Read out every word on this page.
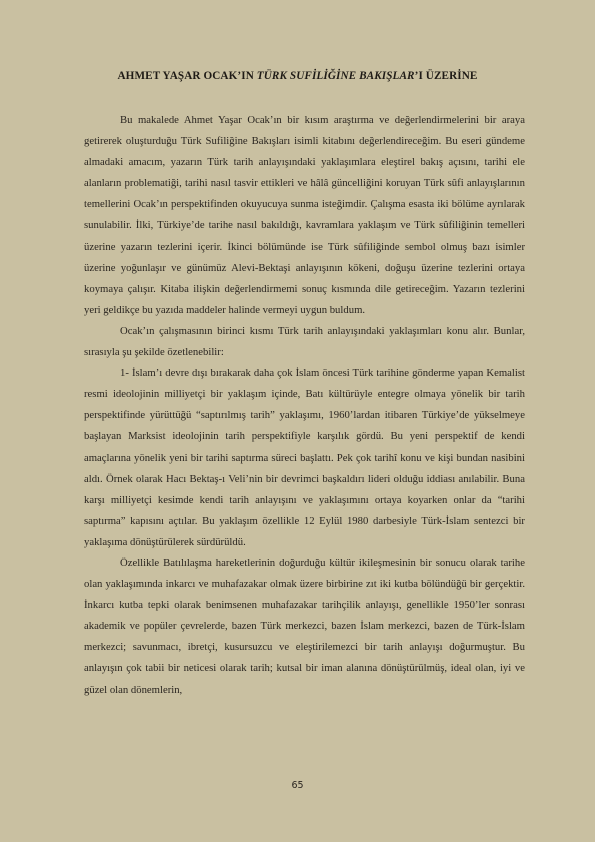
AHMET YAŞAR OCAK’IN TÜRK SUFİLİĞİNE BAKIŞLAR’I ÜZERİNE

Bu makalede Ahmet Yaşar Ocak’ın bir kısım araştırma ve değerlendirmelerini bir araya getirerek oluşturduğu Türk Sufiliğine Bakışları isimli kitabını değerlendireceğim. Bu eseri gündeme almadaki amacım, yazarın Türk tarih anlayışındaki yaklaşımlara eleştirel bakış açısını, tarihi ele alanların problematiği, tarihi nasıl tasvir ettikleri ve hâlâ güncelliğini koruyan Türk sûfi anlayışlarının temellerini Ocak’ın perspektifinden okuyucuya sunma isteğimdir. Çalışma esasta iki bölüme ayrılarak sunulabilir. İlki, Türkiye’de tarihe nasıl bakıldığı, kavramlara yaklaşım ve Türk sûfiliğinin temelleri üzerine yazarın tezlerini içerir. İkinci bölümünde ise Türk sûfiliğinde sembol olmuş bazı isimler üzerine yoğunlaşır ve günümüz Alevi-Bektaşi anlayışının kökeni, doğuşu üzerine tezlerini ortaya koymaya çalışır. Kitaba ilişkin değerlendirmemi sonuç kısmında dile getireceğim. Yazarın tezlerini yeri geldikçe bu yazıda maddeler halinde vermeyi uygun buldum.

Ocak’ın çalışmasının birinci kısmı Türk tarih anlayışındaki yaklaşımları konu alır. Bunlar, sırasıyla şu şekilde özetlenebilir:

1- İslam’ı devre dışı bırakarak daha çok İslam öncesi Türk tarihine gönderme yapan Kemalist resmi ideolojinin milliyetçi bir yaklaşım içinde, Batı kültürüyle entegre olmaya yönelik bir tarih perspektifinde yürüttüğü “saptırılmış tarih” yaklaşımı, 1960’lardan itibaren Türkiye’de yükselmeye başlayan Marksist ideolojinin tarih perspektifiyle karşılık gördü. Bu yeni perspektif de kendi amaçlarına yönelik yeni bir tarihi saptırma süreci başlattı. Pek çok tarihî konu ve kişi bundan nasibini aldı. Örnek olarak Hacı Bektaş-ı Veli’nin bir devrimci başkaldırı lideri olduğu iddiası anılabilir. Buna karşı milliyetçi kesimde kendi tarih anlayışını ve yaklaşımını ortaya koyarken onlar da “tarihi saptırma” kapısını açtılar. Bu yaklaşım özellikle 12 Eylül 1980 darbesiyle Türk-İslam sentezci bir yaklaşıma dönüştürülerek sürdürüldü.

Özellikle Batılılaşma hareketlerinin doğurduğu kültür ikileşmesinin bir sonucu olarak tarihe olan yaklaşımında inkarcı ve muhafazakar olmak üzere birbirine zıt iki kutba bölündüğü bir gerçektir. İnkarcı kutba tepki olarak benimsenen muhafazakar tarihçilik anlayışı, genellikle 1950’ler sonrası akademik ve popüler çevrelerde, bazen Türk merkezci, bazen İslam merkezci, bazen de Türk-İslam merkezci; savunmacı, ibretçi, kusursuzcu ve eleştirilemezci bir tarih anlayışı doğurmuştur. Bu anlayışın çok tabii bir neticesi olarak tarih; kutsal bir iman alanına dönüştürülmüş, ideal olan, iyi ve güzel olan dönemlerin,

65
